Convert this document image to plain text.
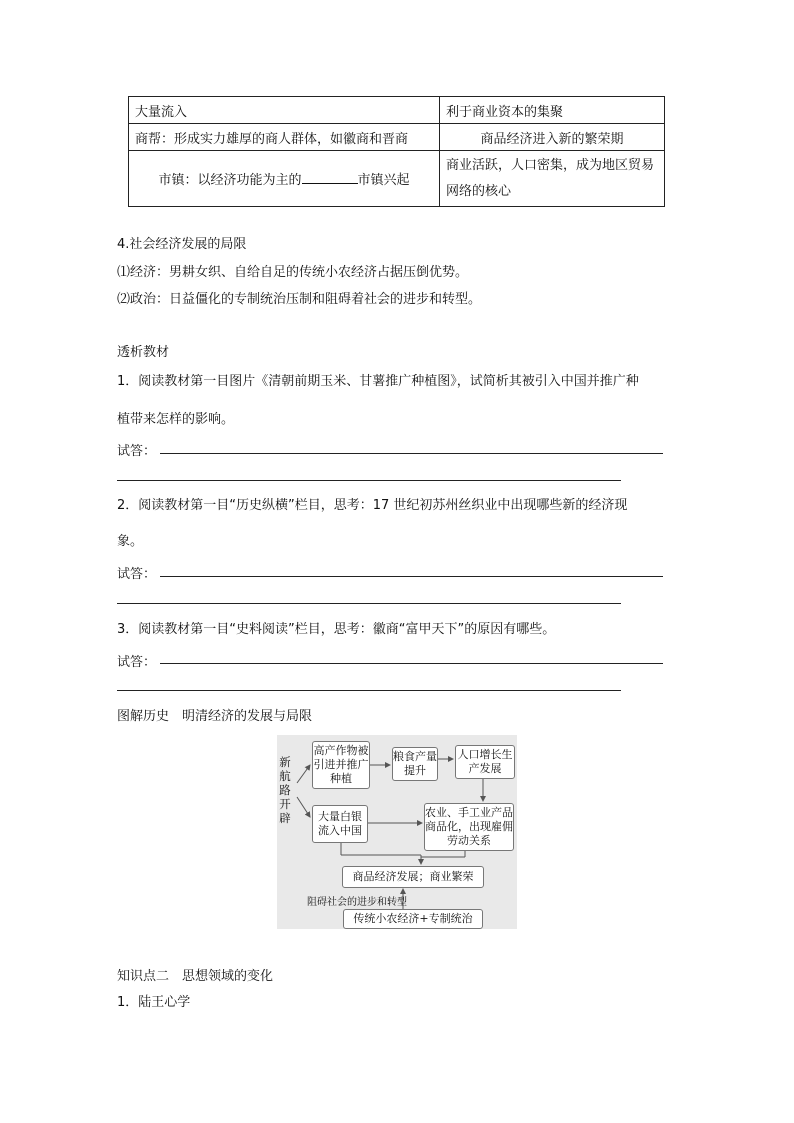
大量流入	利于商业资本的集聚
商帮：形成实力雄厚的商人群体，如徽商和晋商	商品经济进入新的繁荣期
市镇：以经济功能为主的 市镇兴起	商业活跃，人口密集，成为地区贸易网络的核心
4.社会经济发展的局限
⑴经济：男耕女织、自给自足的传统小农经济占据压倒优势。
⑵政治：日益僵化的专制统治压制和阻碍着社会的进步和转型。
透析教材
1．阅读教材第一目图片《清朝前期玉米、甘薯推广种植图》，试简析其被引入中国并推广种
植带来怎样的影响。
试答：
2．阅读教材第一目“历史纵横”栏目，思考：17 世纪初苏州丝织业中出现哪些新的经济现
象。
试答：
3．阅读教材第一目“史料阅读”栏目，思考：徽商“富甲天下”的原因有哪些。
试答：
图解历史　明清经济的发展与局限
新航路开辟
高产作物被引进并推广种植
粮食产量提升
人口增长生产发展
大量白银流入中国
农业、手工业产品商品化，出现雇佣劳动关系
商品经济发展；商业繁荣
阻碍社会的进步和转型
传统小农经济+专制统治
知识点二　思想领域的变化
1．陆王心学
